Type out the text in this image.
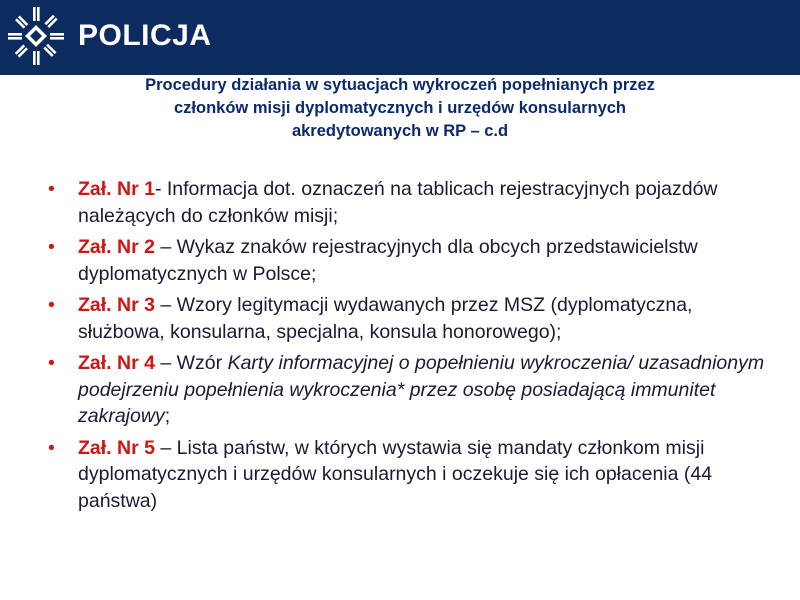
POLICJA
Procedury działania w sytuacjach wykroczeń popełnianych przez
członków misji dyplomatycznych i urzędów konsularnych
akredytowanych w RP – c.d
• Zał. Nr 1- Informacja dot. oznaczeń na tablicach rejestracyjnych pojazdów należących do członków misji;
• Zał. Nr 2 – Wykaz znaków rejestracyjnych dla obcych przedstawicielstw dyplomatycznych w Polsce;
• Zał. Nr 3 – Wzory legitymacji wydawanych przez MSZ (dyplomatyczna, służbowa, konsularna, specjalna, konsula honorowego);
• Zał. Nr 4 – Wzór Karty informacyjnej o popełnieniu wykroczenia/ uzasadnionym podejrzeniu popełnienia wykroczenia* przez osobę posiadającą immunitet zakrajowy;
• Zał. Nr 5 – Lista państw, w których wystawia się mandaty członkom misji dyplomatycznych i urzędów konsularnych i oczekuje się ich opłacenia (44 państwa)
